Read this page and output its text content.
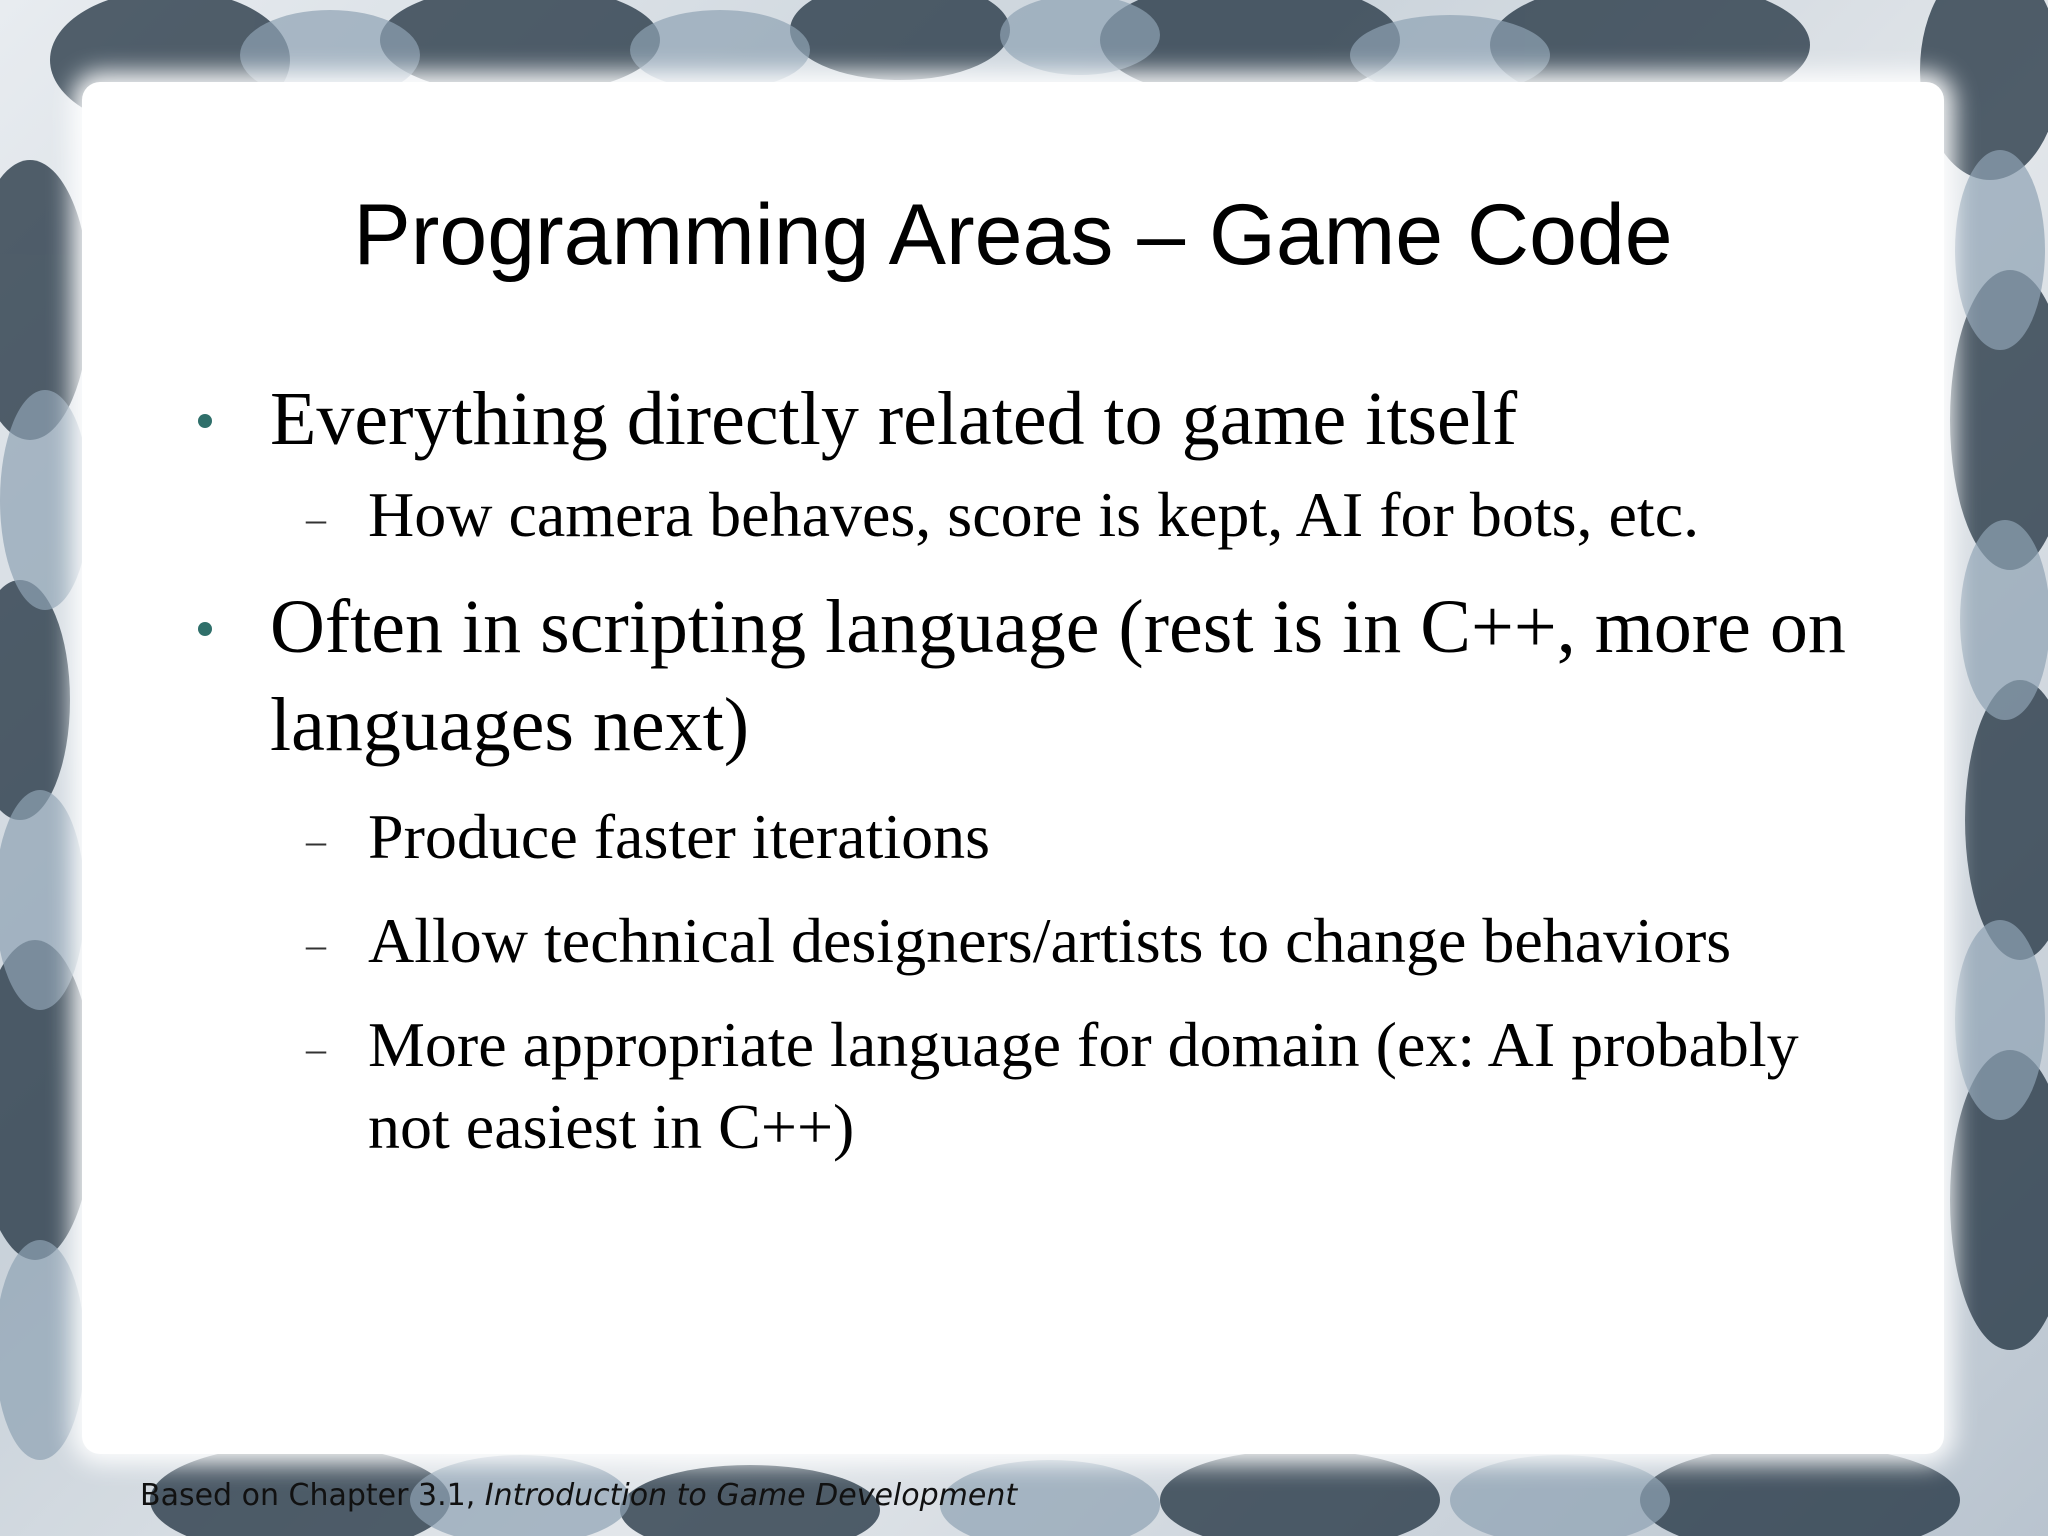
Programming Areas – Game Code

Everything directly related to game itself

– How camera behaves, score is kept, AI for bots, etc.

Often in scripting language (rest is in C++, more on languages next)

– Produce faster iterations

– Allow technical designers/artists to change behaviors

– More appropriate language for domain (ex: AI probably not easiest in C++)

Based on Chapter 3.1, Introduction to Game Development
